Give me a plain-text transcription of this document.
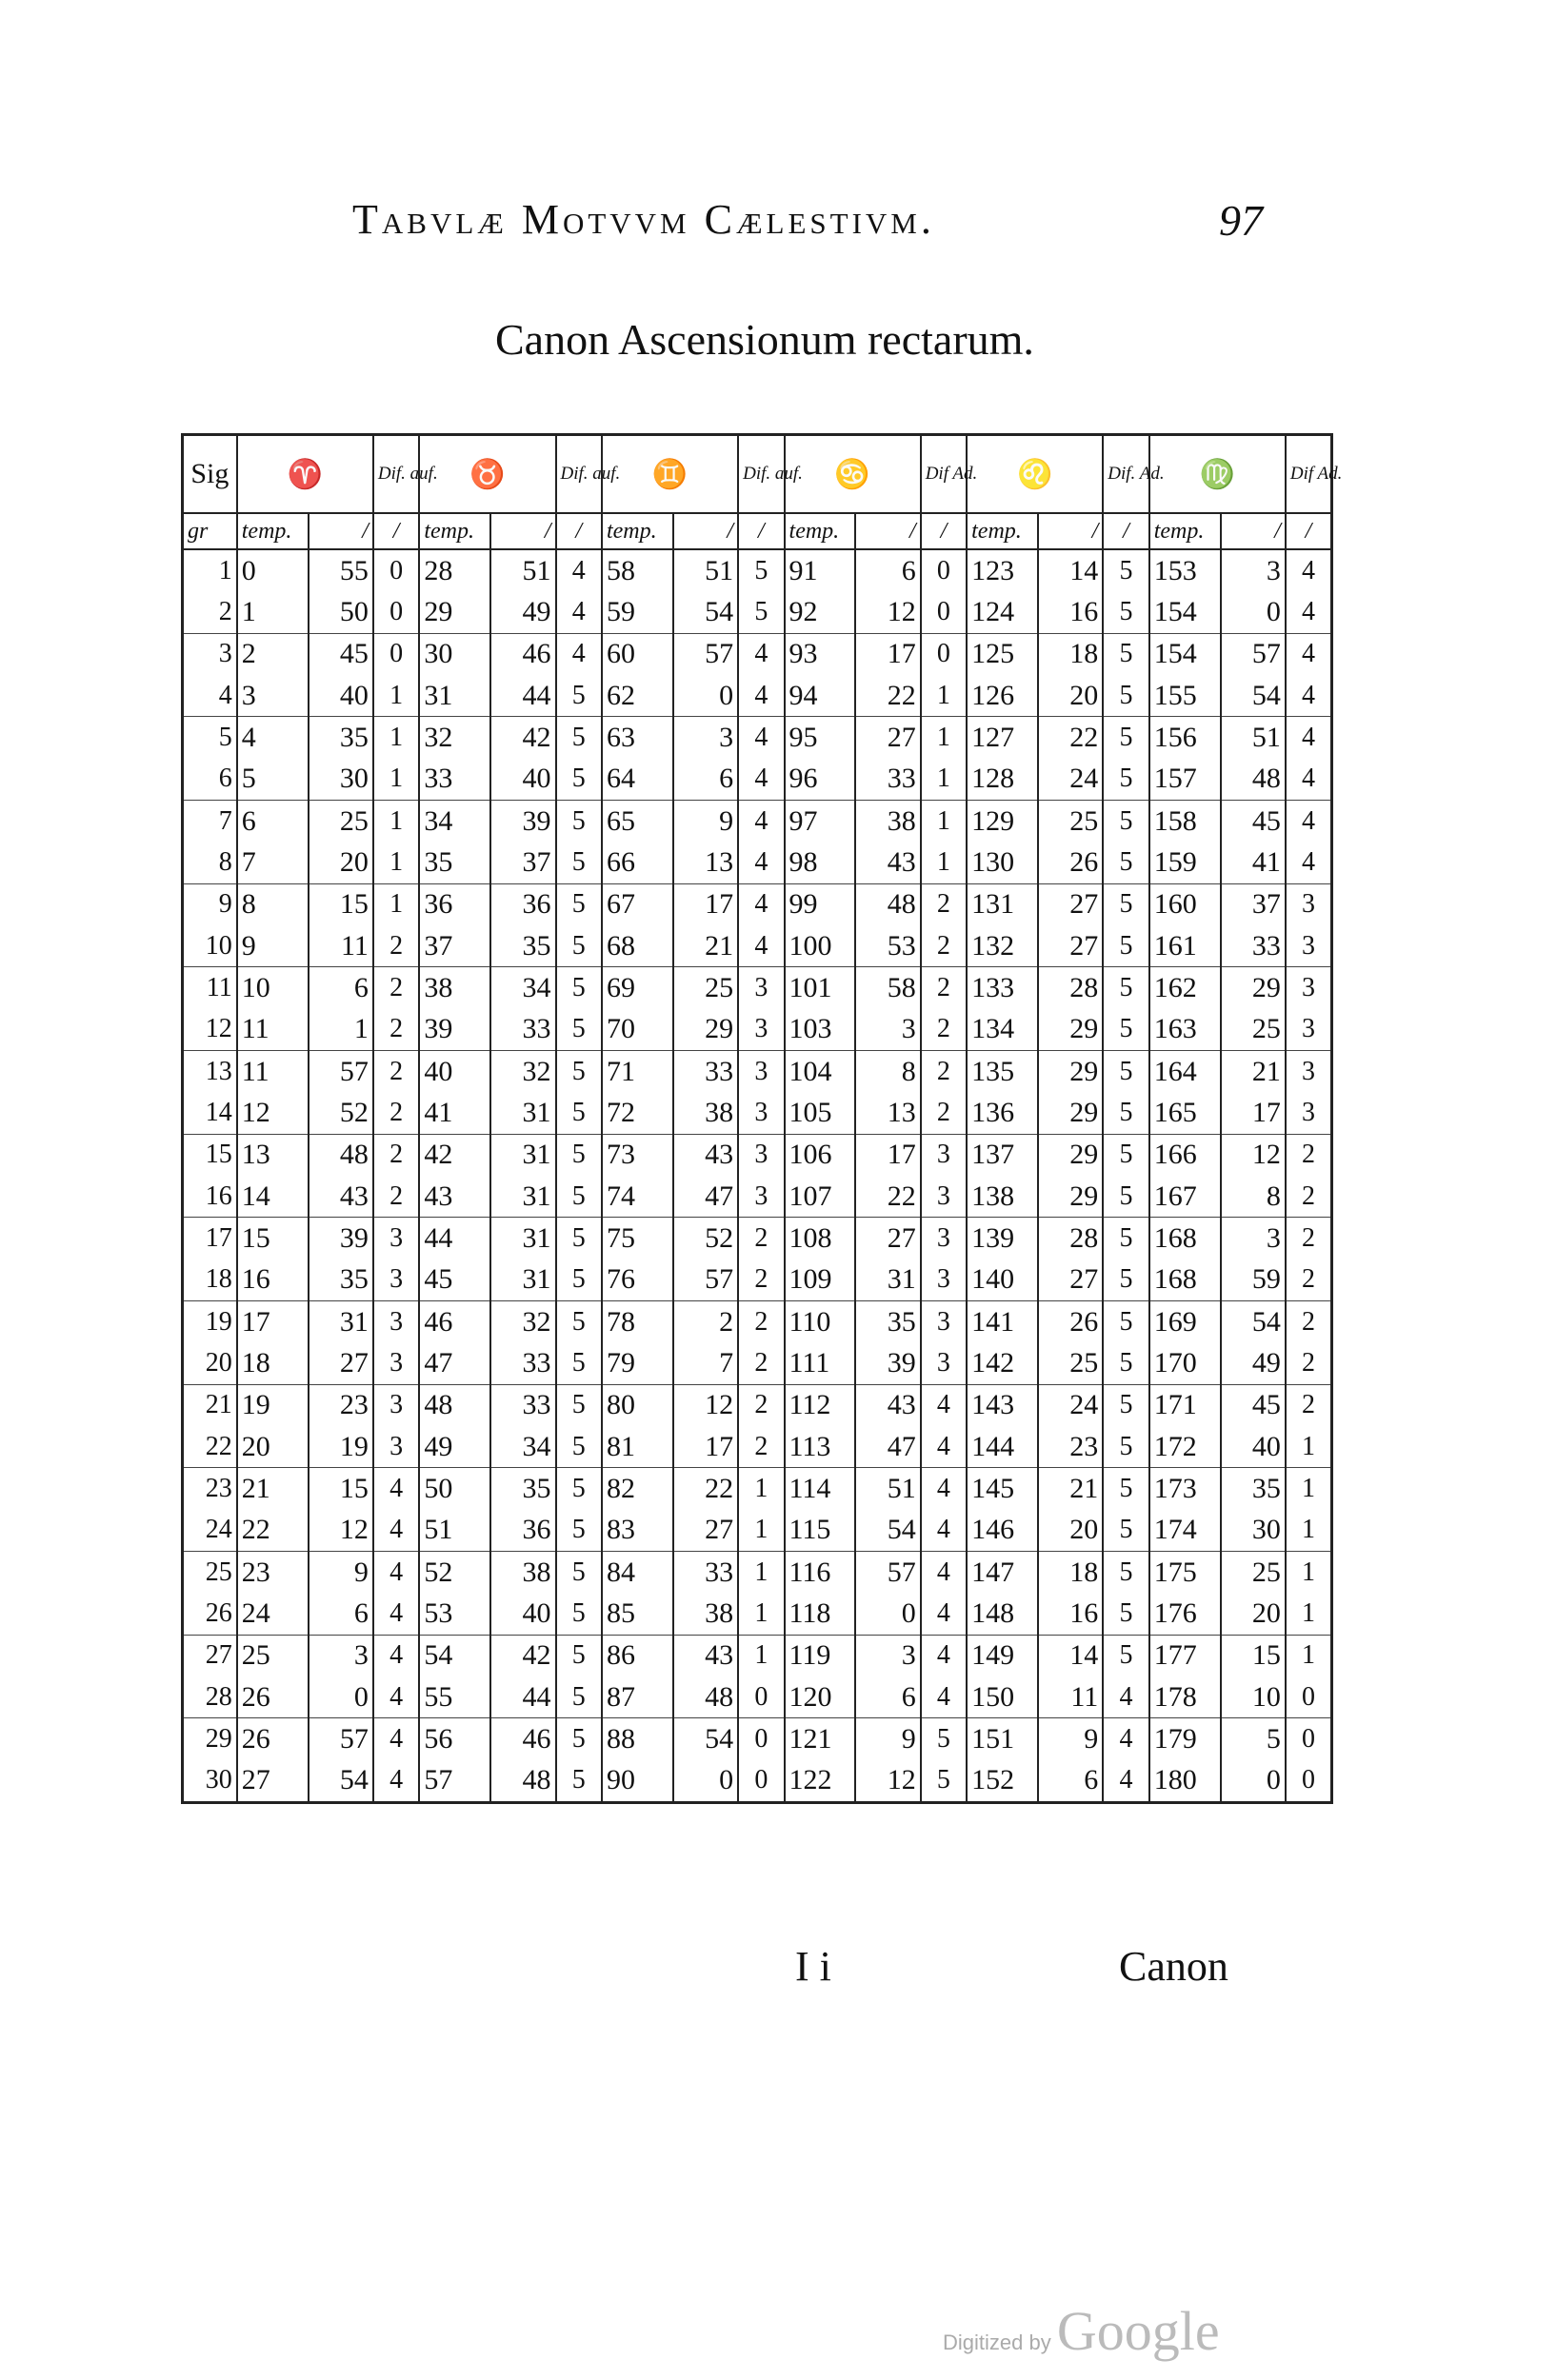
Tabvlæ Motvvm Cælestivm.	97
Canon Ascensionum rectarum.
Sig	♈		Dif. auf.	♉		Dif. auf.	♊		Dif. auf.	♋		Dif Ad.	♌		Dif. Ad.	♍		Dif Ad.
gr	temp.	/	/	temp.	/	/	temp.	/	/	temp.	/	/	temp.	/	/	temp.	/	/
1	0	55	0	28	51	4	58	51	5	91	6	0	123	14	5	153	3	4
2	1	50	0	29	49	4	59	54	5	92	12	0	124	16	5	154	0	4
3	2	45	0	30	46	4	60	57	4	93	17	0	125	18	5	154	57	4
4	3	40	1	31	44	5	62	0	4	94	22	1	126	20	5	155	54	4
5	4	35	1	32	42	5	63	3	4	95	27	1	127	22	5	156	51	4
6	5	30	1	33	40	5	64	6	4	96	33	1	128	24	5	157	48	4
7	6	25	1	34	39	5	65	9	4	97	38	1	129	25	5	158	45	4
8	7	20	1	35	37	5	66	13	4	98	43	1	130	26	5	159	41	4
9	8	15	1	36	36	5	67	17	4	99	48	2	131	27	5	160	37	3
10	9	11	2	37	35	5	68	21	4	100	53	2	132	27	5	161	33	3
11	10	6	2	38	34	5	69	25	3	101	58	2	133	28	5	162	29	3
12	11	1	2	39	33	5	70	29	3	103	3	2	134	29	5	163	25	3
13	11	57	2	40	32	5	71	33	3	104	8	2	135	29	5	164	21	3
14	12	52	2	41	31	5	72	38	3	105	13	2	136	29	5	165	17	3
15	13	48	2	42	31	5	73	43	3	106	17	3	137	29	5	166	12	2
16	14	43	2	43	31	5	74	47	3	107	22	3	138	29	5	167	8	2
17	15	39	3	44	31	5	75	52	2	108	27	3	139	28	5	168	3	2
18	16	35	3	45	31	5	76	57	2	109	31	3	140	27	5	168	59	2
19	17	31	3	46	32	5	78	2	2	110	35	3	141	26	5	169	54	2
20	18	27	3	47	33	5	79	7	2	111	39	3	142	25	5	170	49	2
21	19	23	3	48	33	5	80	12	2	112	43	4	143	24	5	171	45	2
22	20	19	3	49	34	5	81	17	2	113	47	4	144	23	5	172	40	1
23	21	15	4	50	35	5	82	22	1	114	51	4	145	21	5	173	35	1
24	22	12	4	51	36	5	83	27	1	115	54	4	146	20	5	174	30	1
25	23	9	4	52	38	5	84	33	1	116	57	4	147	18	5	175	25	1
26	24	6	4	53	40	5	85	38	1	118	0	4	148	16	5	176	20	1
27	25	3	4	54	42	5	86	43	1	119	3	4	149	14	5	177	15	1
28	26	0	4	55	44	5	87	48	0	120	6	4	150	11	4	178	10	0
29	26	57	4	56	46	5	88	54	0	121	9	5	151	9	4	179	5	0
30	27	54	4	57	48	5	90	0	0	122	12	5	152	6	4	180	0	0
I i	Canon
Digitized by Google
